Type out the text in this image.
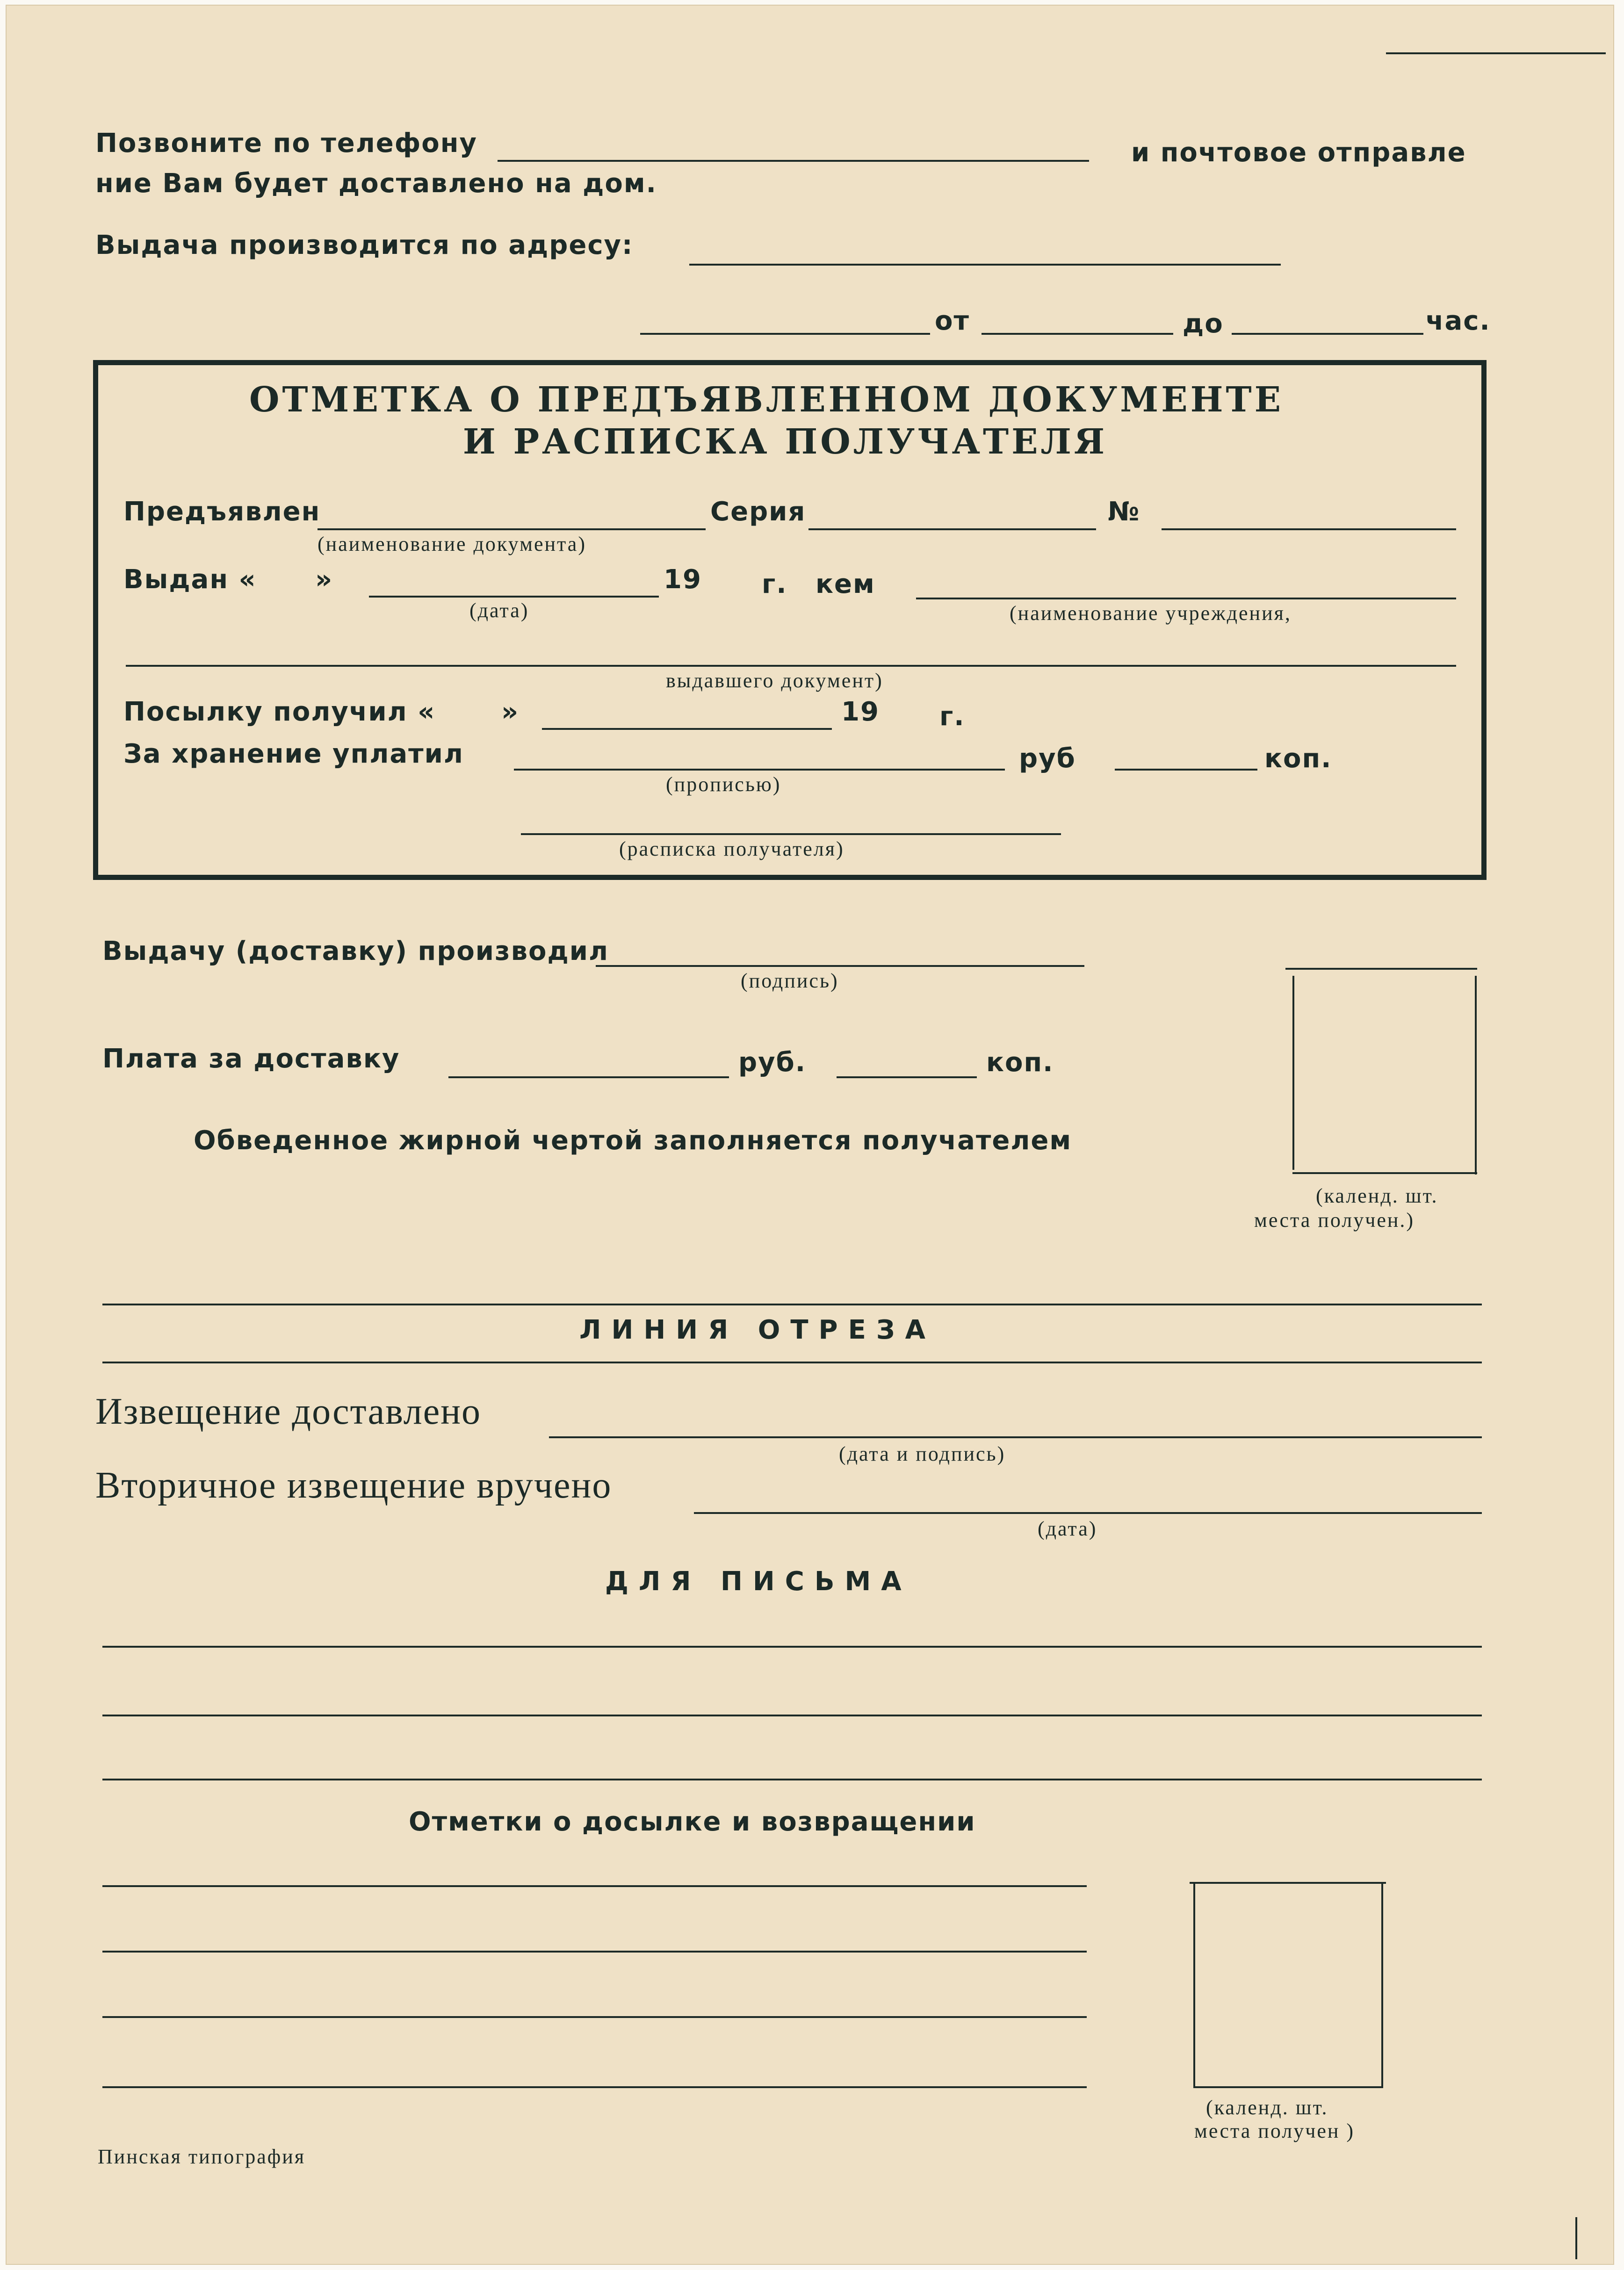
Позвоните по телефону	и почтовое отправле
ние Вам будет доставлено на дом.
Выдача производится по адресу:
от	до	час.
ОТМЕТКА О ПРЕДЪЯВЛЕННОМ ДОКУМЕНТЕ
И РАСПИСКА ПОЛУЧАТЕЛЯ
Предъявлен
(наименование документа)
Серия	№
Выдан « »
(дата)
19 г. кем
(наименование учреждения,
выдавшего документ)
Посылку получил «	»	19 г.
За хранение уплатил
(прописью)
руб	коп.
(расписка получателя)
Выдачу (доставку) производил
(подпись)
Плата за доставку	руб.	коп.
Обведенное жирной чертой заполняется получателем
(календ. шт.
места получен.)
ЛИНИЯ ОТРЕЗА
Извещение доставлено
(дата и подпись)
Вторичное извещение вручено
(дата)
ДЛЯ ПИСЬМА
Отметки о досылке и возвращении
(календ. шт.
места получен )
Пинская типография
